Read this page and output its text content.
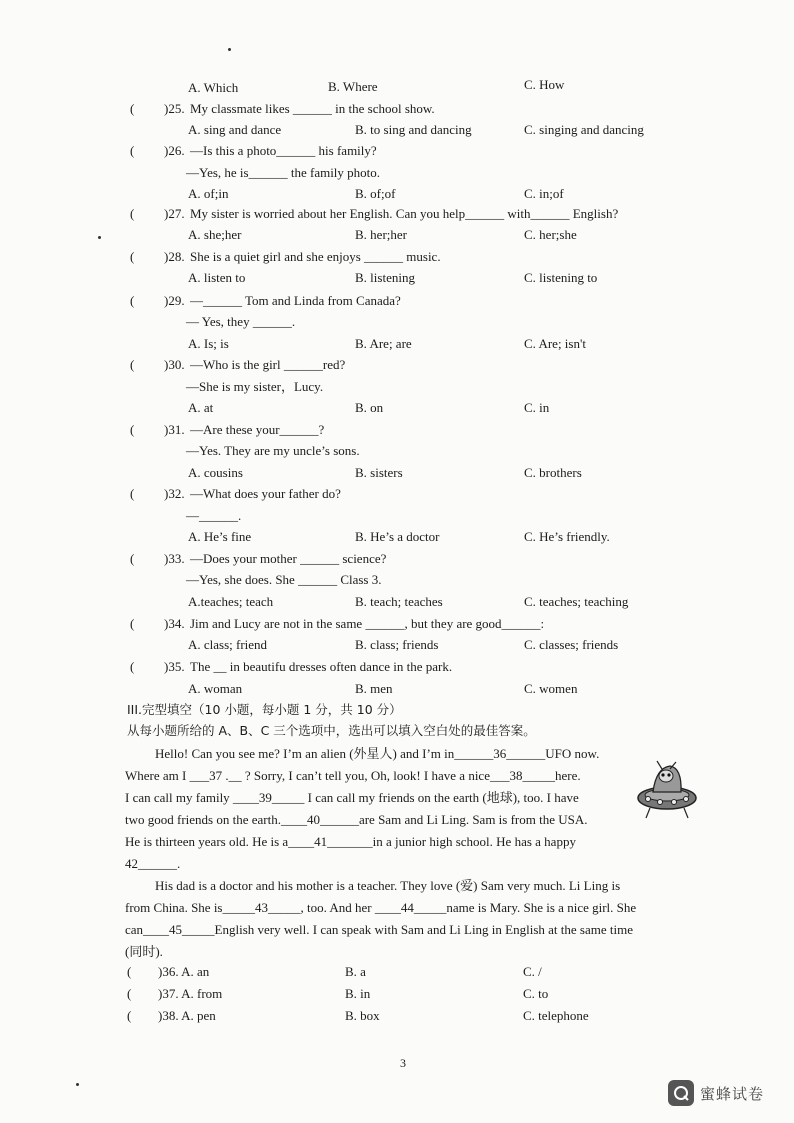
A. Which	B. Where	C. How
( )25. My classmate likes ______ in the school show.
A. sing and dance	B. to sing and dancing	C. singing and dancing
( )26. —Is this a photo______ his family?
—Yes, he is______ the family photo.
A. of;in	B. of;of	C. in;of
( )27. My sister is worried about her English. Can you help______ with______ English?
A. she;her	B. her;her	C. her;she
( )28. She is a quiet girl and she enjoys ______ music.
A. listen to	B. listening	C. listening to
( )29. —______ Tom and Linda from Canada?
— Yes, they ______.
A. Is; is	B. Are; are	C. Are; isn't
( )30. —Who is the girl ______red?
—She is my sister，Lucy.
A. at	B. on	C. in
( )31. —Are these your______?
—Yes. They are my uncle’s sons.
A. cousins	B. sisters	C. brothers
( )32. —What does your father do?
—______.
A. He’s fine	B. He’s a doctor	C. He’s friendly.
( )33. —Does your mother ______ science?
—Yes, she does. She ______ Class 3.
A.teaches; teach	B. teach; teaches	C. teaches; teaching
( )34. Jim and Lucy are not in the same ______, but they are good______:
A. class; friend	B. class; friends	C. classes; friends
( )35. The __ in beautifu dresses often dance in the park.
A. woman	B. men	C. women
III.完型填空（10 小题，每小题 1 分，共 10 分）
从每小题所给的 A、B、C 三个选项中，选出可以填入空白处的最佳答案。
Hello! Can you see me? I’m an alien (外星人) and I’m in______36______UFO now.
Where am I ___37 .__ ? Sorry, I can’t tell you, Oh, look! I have a nice___38_____here.
I can call my family ____39_____ I can call my friends on the earth (地球), too. I have
two good friends on the earth.____40______are Sam and Li Ling. Sam is from the USA.
He is thirteen years old. He is a____41_______in a junior high school. He has a happy
42______.
His dad is a doctor and his mother is a teacher. They love (爱) Sam very much. Li Ling is
from China. She is_____43_____, too. And her ____44_____name is Mary. She is a nice girl. She
can____45_____English very well. I can speak with Sam and Li Ling in English at the same time
(同时).
( )36. A. an	B. a	C. /
( )37. A. from	B. in	C. to
( )38. A. pen	B. box	C. telephone
3
蜜蜂试卷
